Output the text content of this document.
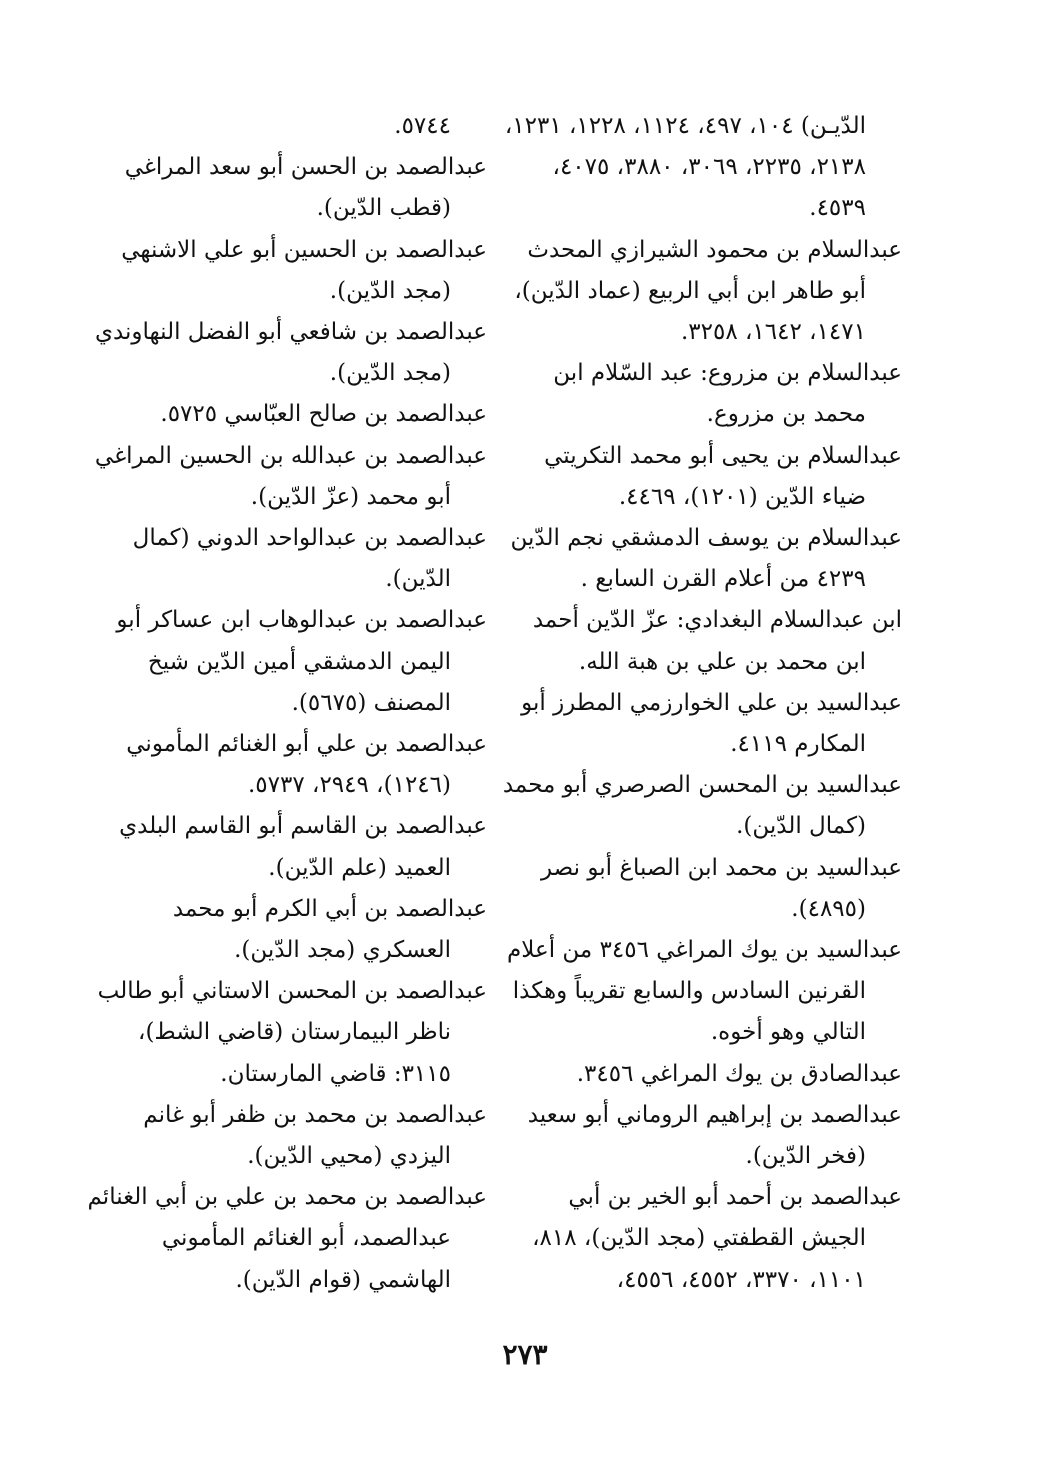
الدّيـن) ١٠٤، ٤٩٧، ١١٢٤، ١٢٢٨، ١٢٣١، ٢١٣٨، ٢٢٣٥، ٣٠٦٩، ٣٨٨٠، ٤٠٧٥، ٤٥٣٩.

عبدالسلام بن محمود الشيرازي المحدث أبو طاهر ابن أبي الربيع (عماد الدّين)، ١٤٧١، ١٦٤٢، ٣٢٥٨.

عبدالسلام بن مزروع: عبد السّلام ابن محمد بن مزروع.

عبدالسلام بن يحيى أبو محمد التكريتي ضياء الدّين (١٢٠١)، ٤٤٦٩.

عبدالسلام بن يوسف الدمشقي نجم الدّين ٤٢٣٩ من أعلام القرن السابع .

ابن عبدالسلام البغدادي: عزّ الدّين أحمد ابن محمد بن علي بن هبة الله.

عبدالسيد بن علي الخوارزمي المطرز أبو المكارم ٤١١٩.

عبدالسيد بن المحسن الصرصري أبو محمد (كمال الدّين).

عبدالسيد بن محمد ابن الصباغ أبو نصر (٤٨٩٥).

عبدالسيد بن يوك المراغي ٣٤٥٦ من أعلام القرنين السادس والسابع تقريباً وهكذا التالي وهو أخوه.

عبدالصادق بن يوك المراغي ٣٤٥٦.

عبدالصمد بن إبراهيم الروماني أبو سعيد (فخر الدّين).

عبدالصمد بن أحمد أبو الخير بن أبي الجيش القطفتي (مجد الدّين)، ٨١٨، ١١٠١، ٣٣٧٠، ٤٥٥٢، ٤٥٥٦،

٥٧٤٤.

عبدالصمد بن الحسن أبو سعد المراغي (قطب الدّين).

عبدالصمد بن الحسين أبو علي الاشنهي (مجد الدّين).

عبدالصمد بن شافعي أبو الفضل النهاوندي (مجد الدّين).

عبدالصمد بن صالح العبّاسي ٥٧٢٥.

عبدالصمد بن عبدالله بن الحسين المراغي أبو محمد (عزّ الدّين).

عبدالصمد بن عبدالواحد الدوني (كمال الدّين).

عبدالصمد بن عبدالوهاب ابن عساكر أبو اليمن الدمشقي أمين الدّين شيخ المصنف (٥٦٧٥).

عبدالصمد بن علي أبو الغنائم المأموني (١٢٤٦)، ٢٩٤٩، ٥٧٣٧.

عبدالصمد بن القاسم أبو القاسم البلدي العميد (علم الدّين).

عبدالصمد بن أبي الكرم أبو محمد العسكري (مجد الدّين).

عبدالصمد بن المحسن الاستاني أبو طالب ناظر البيمارستان (قاضي الشط)، ٣١١٥: قاضي المارستان.

عبدالصمد بن محمد بن ظفر أبو غانم اليزدي (محيي الدّين).

عبدالصمد بن محمد بن علي بن أبي الغنائم عبدالصمد، أبو الغنائم المأموني الهاشمي (قوام الدّين).

٢٧٣
